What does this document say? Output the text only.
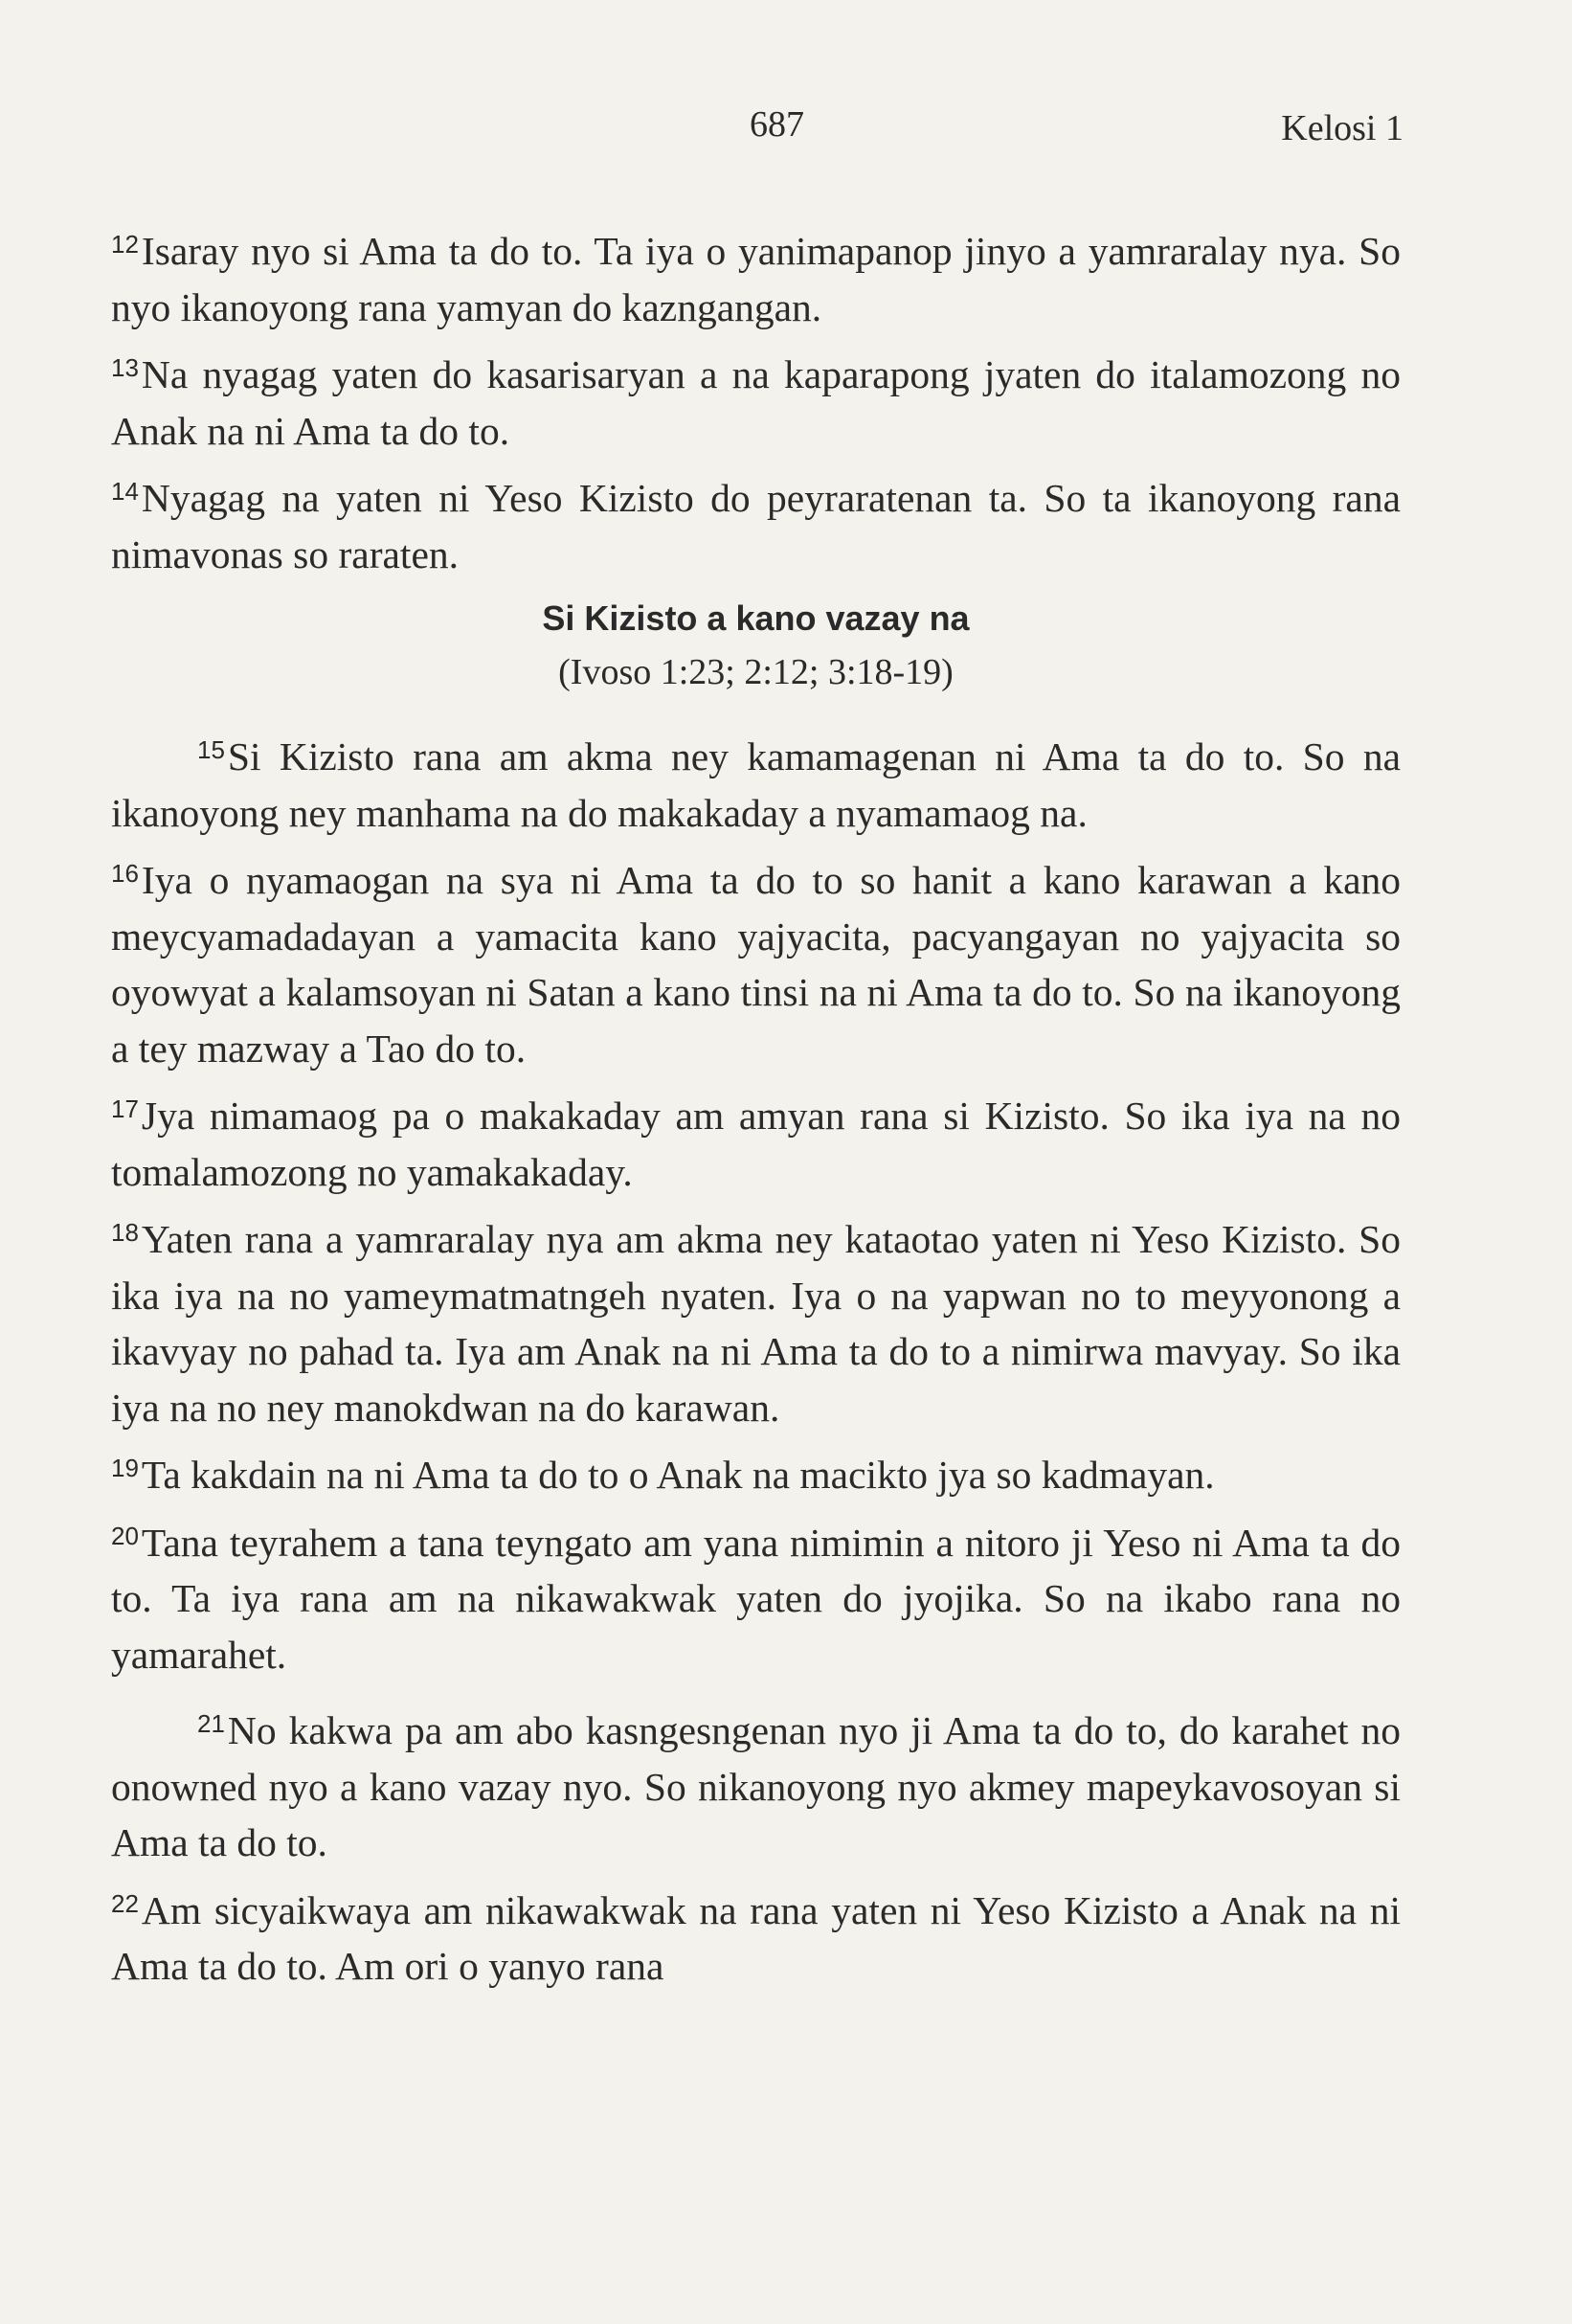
687	Kelosi 1

$^{12}$Isaray nyo si Ama ta do to. Ta iya o yanimapanop jinyo a yamraralay nya. So nyo ikanoyong rana yamyan do kazngangan.

$^{13}$Na nyagag yaten do kasarisaryan a na kaparapong jyaten do italamozong no Anak na ni Ama ta do to.

$^{14}$Nyagag na yaten ni Yeso Kizisto do peyraratenan ta. So ta ikanoyong rana nimavonas so raraten.

Si Kizisto a kano vazay na
(Ivoso 1:23; 2:12; 3:18-19)

$^{15}$Si Kizisto rana am akma ney kamamagenan ni Ama ta do to. So na ikanoyong ney manhama na do makakaday a nyamamaog na.

$^{16}$Iya o nyamaogan na sya ni Ama ta do to so hanit a kano karawan a kano meycyamadadayan a yamacita kano yajyacita, pacyangayan no yajyacita so oyowyat a kalamsoyan ni Satan a kano tinsi na ni Ama ta do to. So na ikanoyong a tey mazway a Tao do to.

$^{17}$Jya nimamaog pa o makakaday am amyan rana si Kizisto. So ika iya na no tomalamozong no yamakakaday.

$^{18}$Yaten rana a yamraralay nya am akma ney kataotao yaten ni Yeso Kizisto. So ika iya na no yameymatmatngeh nyaten. Iya o na yapwan no to meyyonong a ikavyay no pahad ta. Iya am Anak na ni Ama ta do to a nimirwa mavyay. So ika iya na no ney manokdwan na do karawan.

$^{19}$Ta kakdain na ni Ama ta do to o Anak na macikto jya so kadmayan.

$^{20}$Tana teyrahem a tana teyngato am yana nimimin a nitoro ji Yeso ni Ama ta do to. Ta iya rana am na nikawakwak yaten do jyojika. So na ikabo rana no yamarahet.

$^{21}$No kakwa pa am abo kasngesngenan nyo ji Ama ta do to, do karahet no onowned nyo a kano vazay nyo. So nikanoyong nyo akmey mapeykavosoyan si Ama ta do to.

$^{22}$Am sicyaikwaya am nikawakwak na rana yaten ni Yeso Kizisto a Anak na ni Ama ta do to. Am ori o yanyo rana
